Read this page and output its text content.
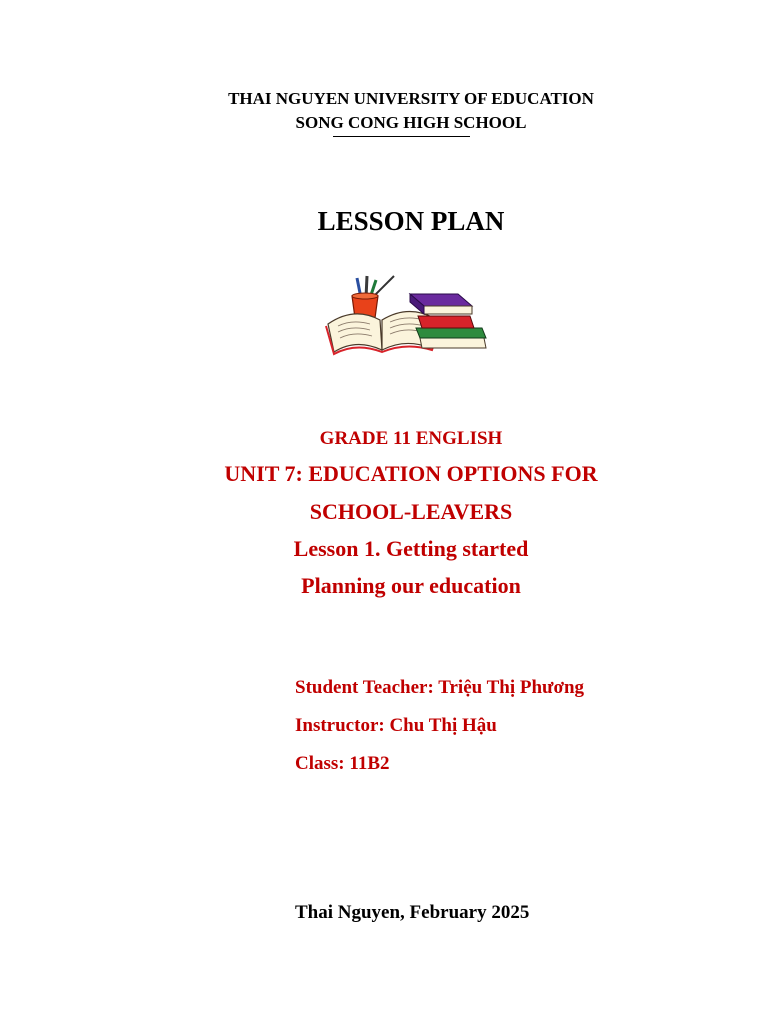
THAI NGUYEN UNIVERSITY OF EDUCATION
SONG CONG HIGH SCHOOL
LESSON PLAN
GRADE 11 ENGLISH
UNIT 7: EDUCATION OPTIONS FOR
SCHOOL-LEAVERS
Lesson 1. Getting started
Planning our education
Student Teacher: Triệu Thị Phương
Instructor: Chu Thị Hậu
Class: 11B2
Thai Nguyen, February 2025
